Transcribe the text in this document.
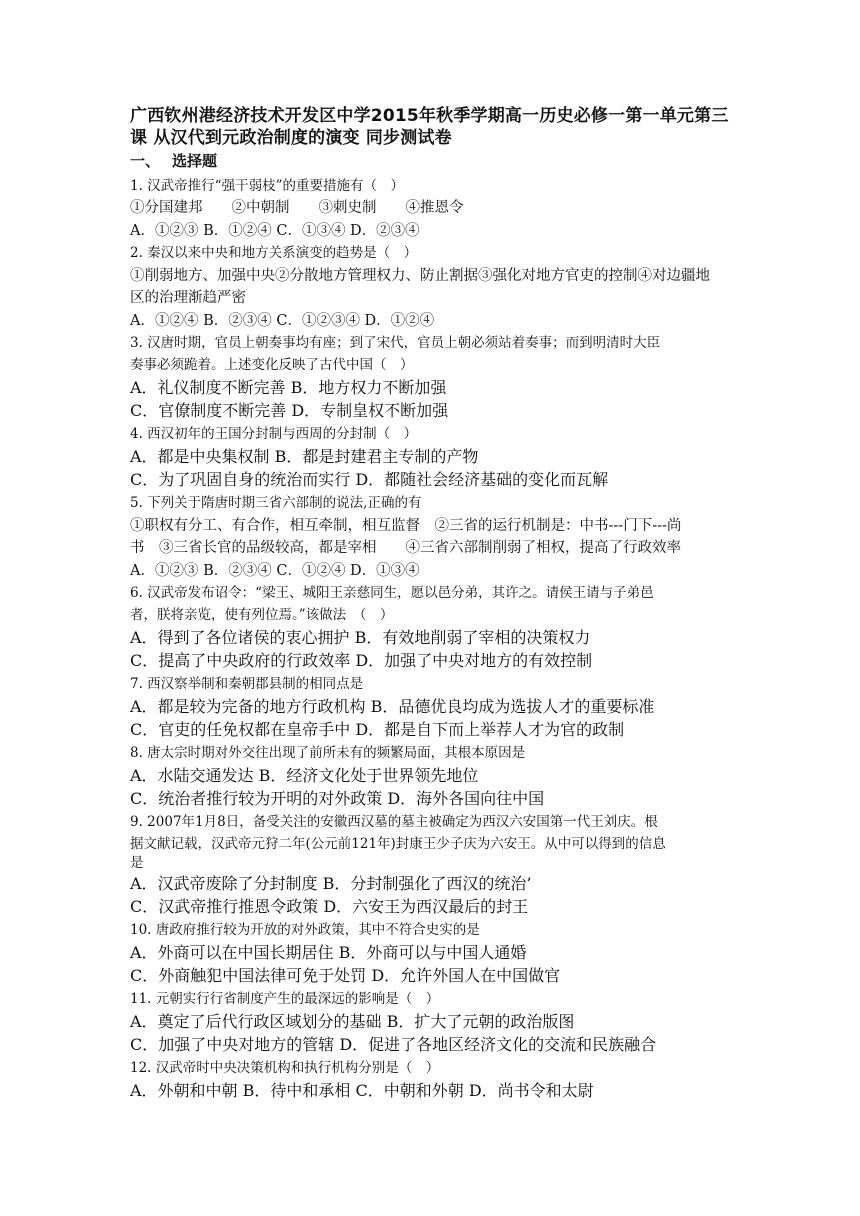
广西钦州港经济技术开发区中学2015年秋季学期高一历史必修一第一单元第三
课 从汉代到元政治制度的演变 同步测试卷
一、 选择题
1. 汉武帝推行“强干弱枝”的重要措施有（　）
①分国建邦　　②中朝制　　③刺史制　　④推恩令
A．①②③ B．①②④ C．①③④ D．②③④
2. 秦汉以来中央和地方关系演变的趋势是（　）
①削弱地方、加强中央②分散地方管理权力、防止割据③强化对地方官吏的控制④对边疆地
区的治理渐趋严密
A．①②④ B．②③④ C．①②③④ D．①②④
3. 汉唐时期，官员上朝奏事均有座；到了宋代，官员上朝必须站着奏事；而到明清时大臣
奏事必须跪着。上述变化反映了古代中国（　）
A．礼仪制度不断完善 B．地方权力不断加强
C．官僚制度不断完善 D．专制皇权不断加强
4. 西汉初年的王国分封制与西周的分封制（　）
A．都是中央集权制 B．都是封建君主专制的产物
C．为了巩固自身的统治而实行 D．都随社会经济基础的变化而瓦解
5. 下列关于隋唐时期三省六部制的说法,正确的有
①职权有分工、有合作，相互牵制，相互监督　②三省的运行机制是：中书---门下---尚
书　③三省长官的品级较高，都是宰相　　④三省六部制削弱了相权，提高了行政效率
A．①②③ B．②③④ C．①②④ D．①③④
6. 汉武帝发布诏令：“梁王、城阳王亲慈同生，愿以邑分弟，其许之。请侯王请与子弟邑
者，朕将亲览，使有列位焉。”该做法　（　）
A．得到了各位诸侯的衷心拥护 B．有效地削弱了宰相的决策权力
C．提高了中央政府的行政效率 D．加强了中央对地方的有效控制
7. 西汉察举制和秦朝郡县制的相同点是
A．都是较为完备的地方行政机构 B．品德优良均成为选拔人才的重要标准
C．官吏的任免权都在皇帝手中 D．都是自下而上举荐人才为官的政制
8. 唐太宗时期对外交往出现了前所未有的频繁局面，其根本原因是
A．水陆交通发达 B．经济文化处于世界领先地位
C．统治者推行较为开明的对外政策 D．海外各国向往中国
9. 2007年1月8日，备受关注的安徽西汉墓的墓主被确定为西汉六安国第一代王刘庆。根
据文献记载，汉武帝元狩二年(公元前121年)封康王少子庆为六安王。从中可以得到的信息
是
A．汉武帝废除了分封制度 B．分封制强化了西汉的统治’
C．汉武帝推行推恩令政策 D．六安王为西汉最后的封王
10. 唐政府推行较为开放的对外政策，其中不符合史实的是
A．外商可以在中国长期居住 B．外商可以与中国人通婚
C．外商触犯中国法律可免于处罚 D．允许外国人在中国做官
11. 元朝实行行省制度产生的最深远的影响是（　）
A．奠定了后代行政区域划分的基础 B．扩大了元朝的政治版图
C．加强了中央对地方的管辖 D．促进了各地区经济文化的交流和民族融合
12. 汉武帝时中央决策机构和执行机构分别是（　）
A．外朝和中朝 B．待中和承相 C．中朝和外朝 D．尚书令和太尉
